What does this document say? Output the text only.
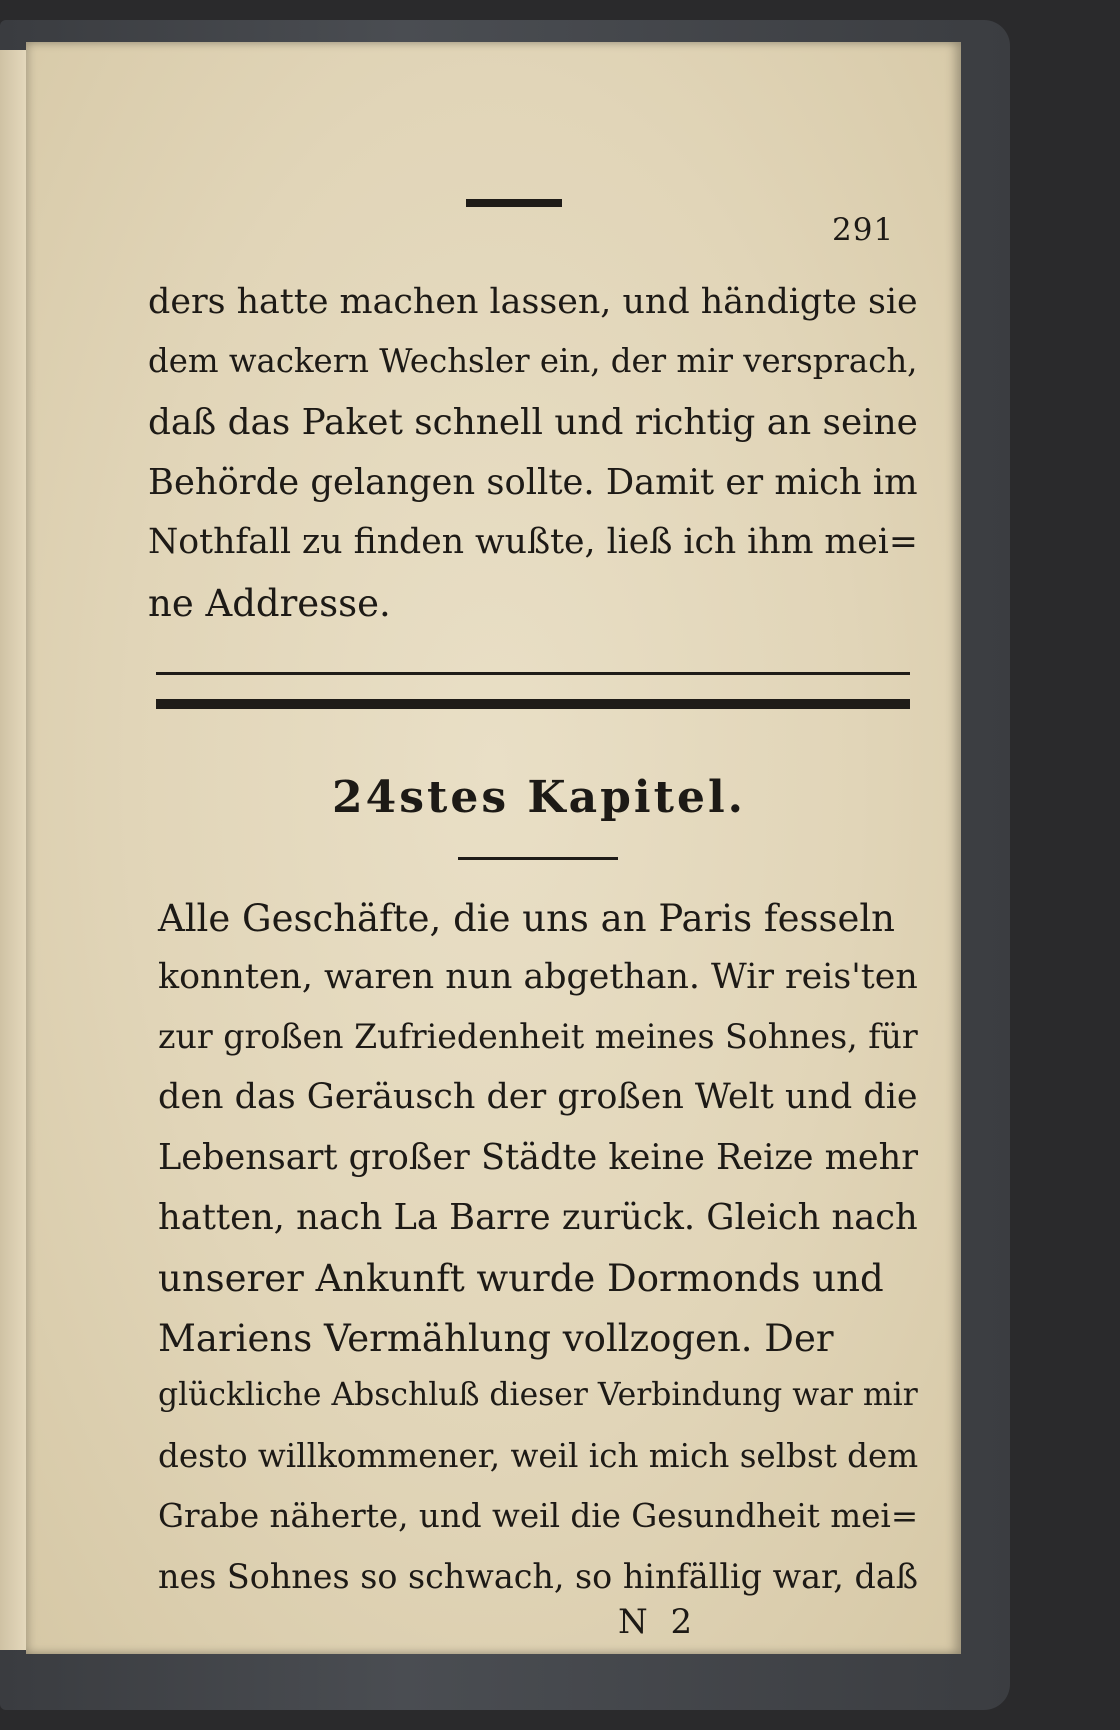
291
ders hatte machen lassen, und händigte sie
dem wackern Wechsler ein, der mir versprach,
daß das Paket schnell und richtig an seine
Behörde gelangen sollte. Damit er mich im
Nothfall zu finden wußte, ließ ich ihm mei=
ne Addresse.
24stes Kapitel.
Alle Geschäfte, die uns an Paris fesseln
konnten, waren nun abgethan. Wir reis'ten
zur großen Zufriedenheit meines Sohnes, für
den das Geräusch der großen Welt und die
Lebensart großer Städte keine Reize mehr
hatten, nach La Barre zurück. Gleich nach
unserer Ankunft wurde Dormonds und
Mariens Vermählung vollzogen. Der
glückliche Abschluß dieser Verbindung war mir
desto willkommener, weil ich mich selbst dem
Grabe näherte, und weil die Gesundheit mei=
nes Sohnes so schwach, so hinfällig war, daß
N 2
